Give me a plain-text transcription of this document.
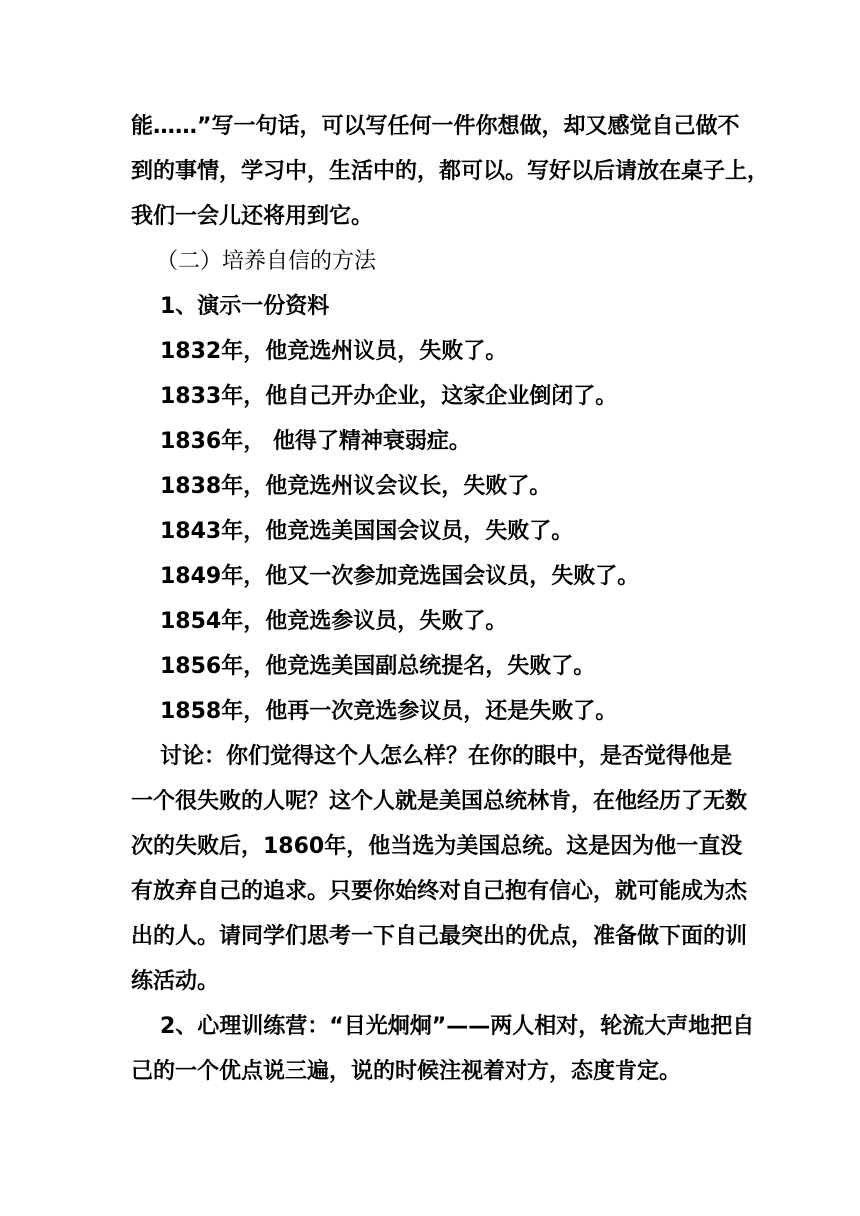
能……”写一句话，可以写任何一件你想做，却又感觉自己做不

到的事情，学习中，生活中的，都可以。写好以后请放在桌子上，

我们一会儿还将用到它。

（二）培养自信的方法

1、演示一份资料

1832年，他竞选州议员，失败了。

1833年，他自己开办企业，这家企业倒闭了。

1836年， 他得了精神衰弱症。

1838年，他竞选州议会议长，失败了。

1843年，他竞选美国国会议员，失败了。

1849年，他又一次参加竞选国会议员，失败了。

1854年，他竞选参议员，失败了。

1856年，他竞选美国副总统提名，失败了。

1858年，他再一次竞选参议员，还是失败了。

讨论：你们觉得这个人怎么样？在你的眼中，是否觉得他是

一个很失败的人呢？这个人就是美国总统林肯，在他经历了无数

次的失败后，1860年，他当选为美国总统。这是因为他一直没

有放弃自己的追求。只要你始终对自己抱有信心，就可能成为杰

出的人。请同学们思考一下自己最突出的优点，准备做下面的训

练活动。

2、心理训练营：“目光炯炯”——两人相对，轮流大声地把自

己的一个优点说三遍，说的时候注视着对方，态度肯定。
